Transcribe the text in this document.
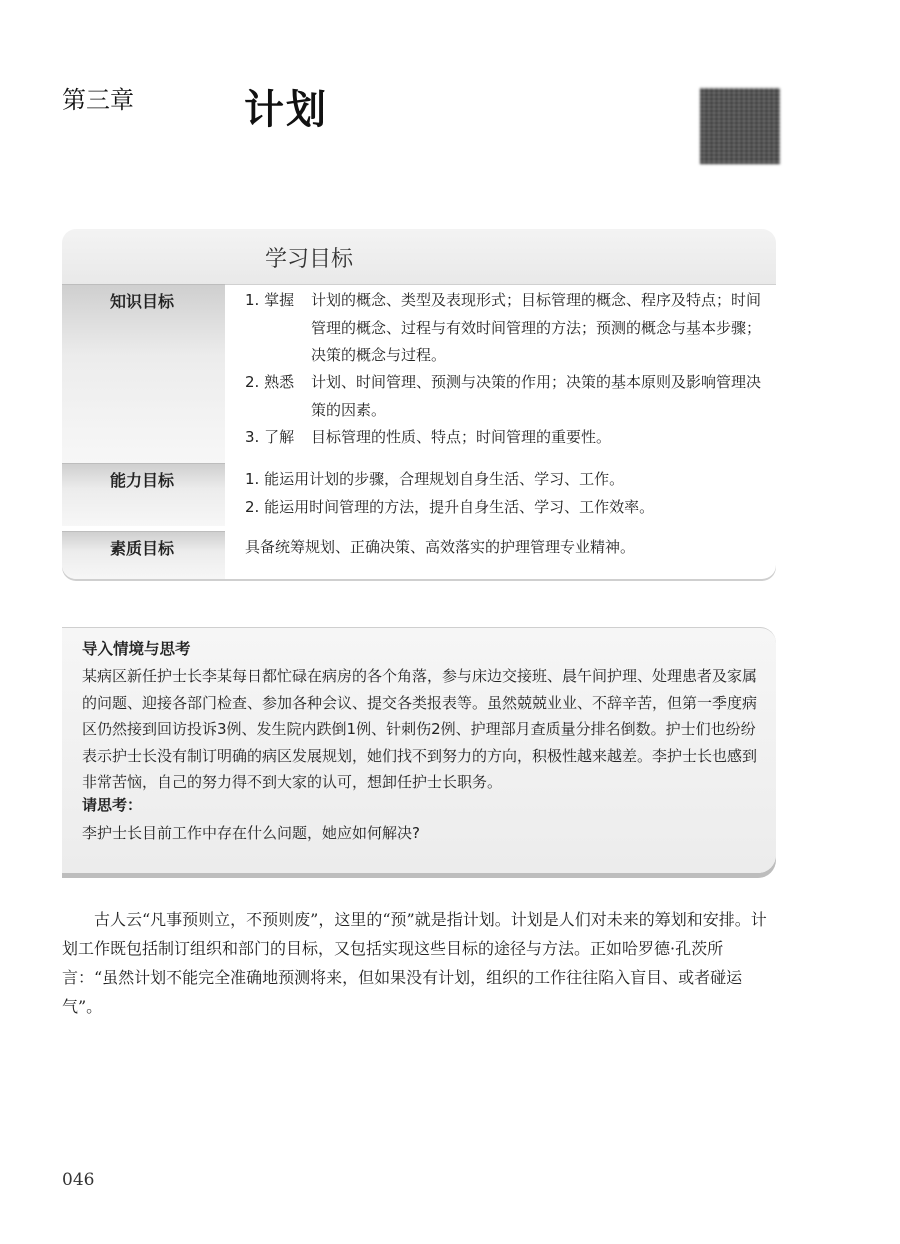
第三章	计划
学习目标
知识目标	1. 掌握 计划的概念、类型及表现形式；目标管理的概念、程序及特点；时间管理的概念、过程与有效时间管理的方法；预测的概念与基本步骤；决策的概念与过程。
2. 熟悉 计划、时间管理、预测与决策的作用；决策的基本原则及影响管理决策的因素。
3. 了解 目标管理的性质、特点；时间管理的重要性。
能力目标	1. 能运用计划的步骤，合理规划自身生活、学习、工作。
2. 能运用时间管理的方法，提升自身生活、学习、工作效率。
素质目标	具备统筹规划、正确决策、高效落实的护理管理专业精神。
导入情境与思考
某病区新任护士长李某每日都忙碌在病房的各个角落，参与床边交接班、晨午间护理、处理患者及家属的问题、迎接各部门检查、参加各种会议、提交各类报表等。虽然兢兢业业、不辞辛苦，但第一季度病区仍然接到回访投诉3例、发生院内跌倒1例、针刺伤2例、护理部月查质量分排名倒数。护士们也纷纷表示护士长没有制订明确的病区发展规划，她们找不到努力的方向，积极性越来越差。李护士长也感到非常苦恼，自己的努力得不到大家的认可，想卸任护士长职务。
请思考：
李护士长目前工作中存在什么问题，她应如何解决?
古人云“凡事预则立，不预则废”，这里的“预”就是指计划。计划是人们对未来的筹划和安排。计划工作既包括制订组织和部门的目标，又包括实现这些目标的途径与方法。正如哈罗德·孔茨所言：“虽然计划不能完全准确地预测将来，但如果没有计划，组织的工作往往陷入盲目、或者碰运气”。
046
